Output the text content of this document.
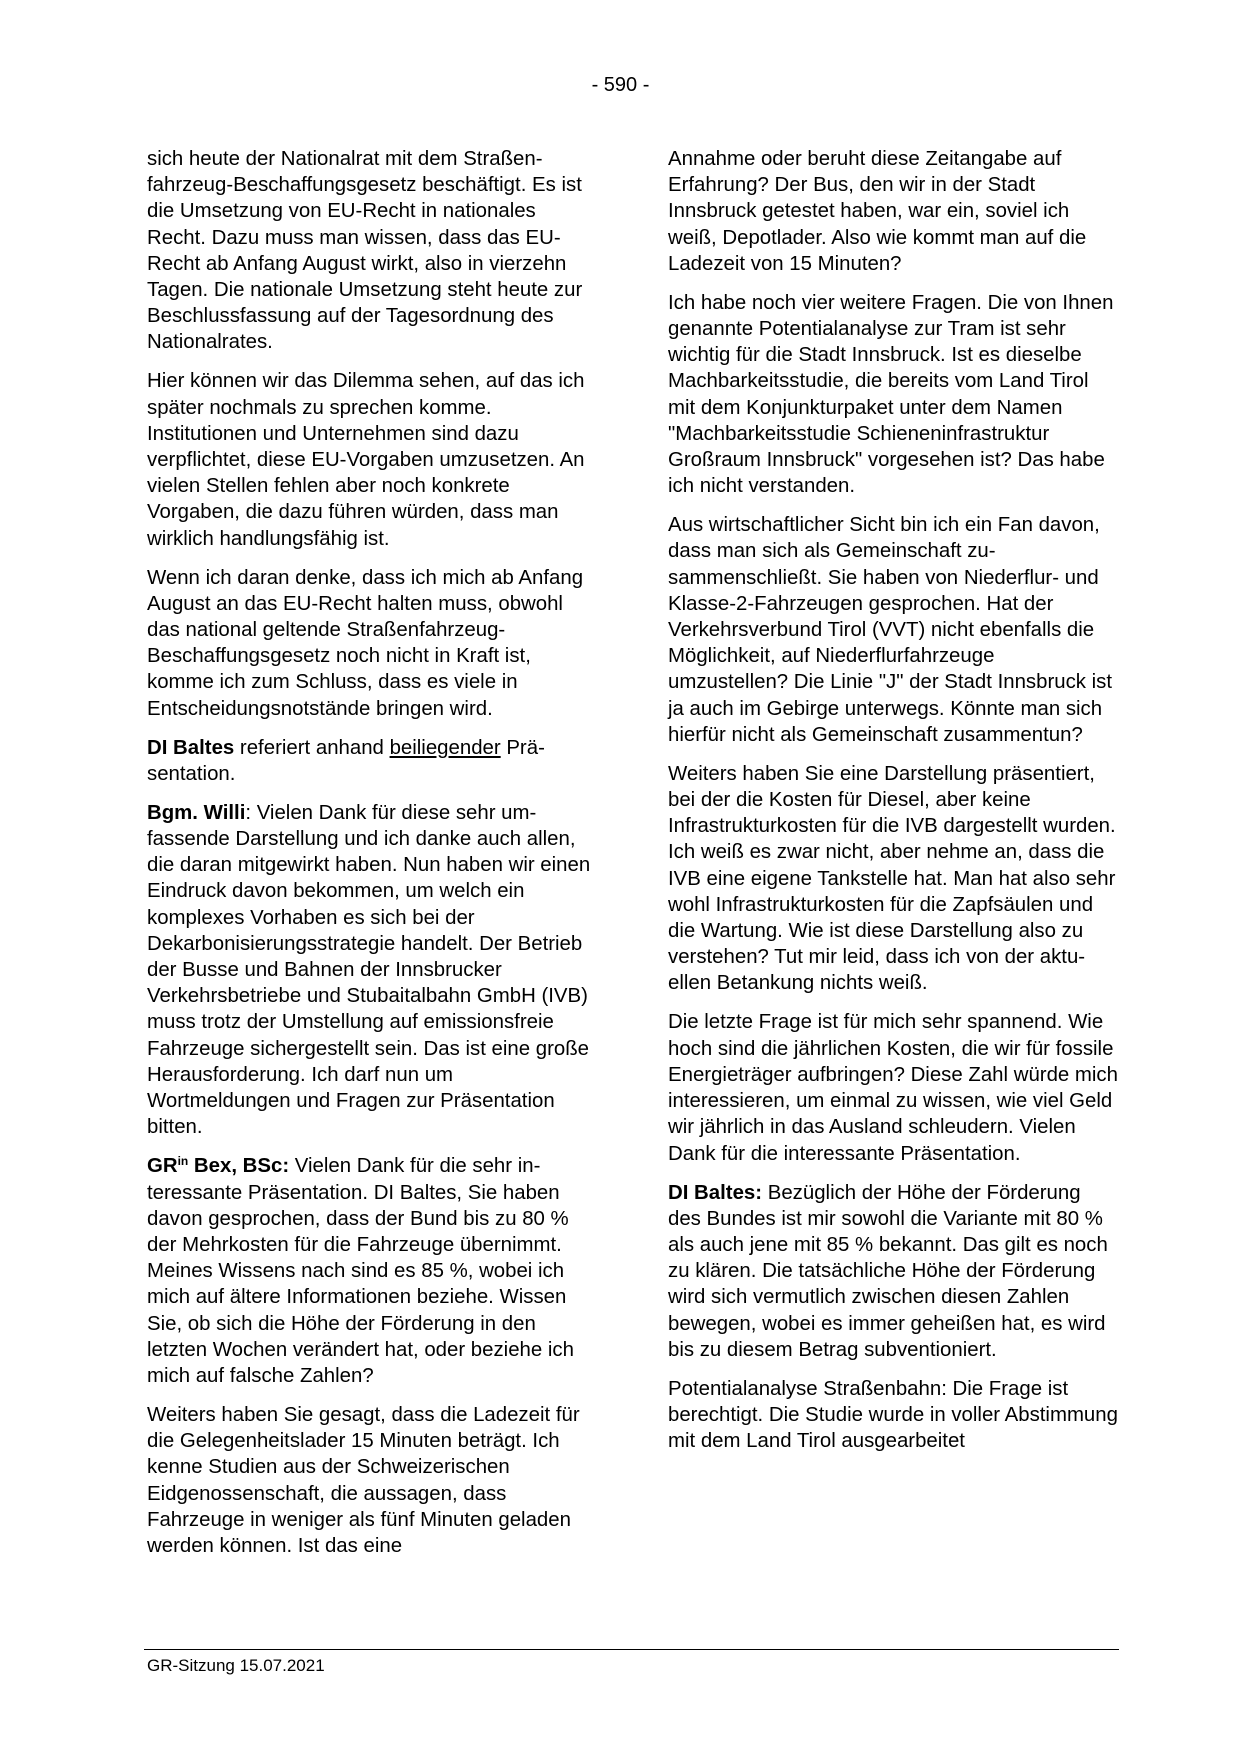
- 590 -

sich heute der Nationalrat mit dem Straßenfahrzeug-Beschaffungsgesetz beschäftigt. Es ist die Umsetzung von EU-Recht in nationales Recht. Dazu muss man wissen, dass das EU-Recht ab Anfang August wirkt, also in vierzehn Tagen. Die nationale Umsetzung steht heute zur Beschlussfassung auf der Tagesordnung des Nationalrates.

Hier können wir das Dilemma sehen, auf das ich später nochmals zu sprechen komme. Institutionen und Unternehmen sind dazu verpflichtet, diese EU-Vorgaben umzusetzen. An vielen Stellen fehlen aber noch konkrete Vorgaben, die dazu führen würden, dass man wirklich handlungsfähig ist.

Wenn ich daran denke, dass ich mich ab Anfang August an das EU-Recht halten muss, obwohl das national geltende Straßenfahrzeug-Beschaffungsgesetz noch nicht in Kraft ist, komme ich zum Schluss, dass es viele in Entscheidungsnotstände bringen wird.

DI Baltes referiert anhand beiliegender Präsentation.

Bgm. Willi: Vielen Dank für diese sehr umfassende Darstellung und ich danke auch allen, die daran mitgewirkt haben. Nun haben wir einen Eindruck davon bekommen, um welch ein komplexes Vorhaben es sich bei der Dekarbonisierungsstrategie handelt. Der Betrieb der Busse und Bahnen der Innsbrucker Verkehrsbetriebe und Stubaitalbahn GmbH (IVB) muss trotz der Umstellung auf emissionsfreie Fahrzeuge sichergestellt sein. Das ist eine große Herausforderung. Ich darf nun um Wortmeldungen und Fragen zur Präsentation bitten.

$GR^{in}$ Bex, BSc: Vielen Dank für die sehr interessante Präsentation. DI Baltes, Sie haben davon gesprochen, dass der Bund bis zu 80 % der Mehrkosten für die Fahrzeuge übernimmt. Meines Wissens nach sind es 85 %, wobei ich mich auf ältere Informationen beziehe. Wissen Sie, ob sich die Höhe der Förderung in den letzten Wochen verändert hat, oder beziehe ich mich auf falsche Zahlen?

Weiters haben Sie gesagt, dass die Ladezeit für die Gelegenheitslader 15 Minuten beträgt. Ich kenne Studien aus der Schweizerischen Eidgenossenschaft, die aussagen, dass Fahrzeuge in weniger als fünf Minuten geladen werden können. Ist das eine

Annahme oder beruht diese Zeitangabe auf Erfahrung? Der Bus, den wir in der Stadt Innsbruck getestet haben, war ein, soviel ich weiß, Depotlader. Also wie kommt man auf die Ladezeit von 15 Minuten?

Ich habe noch vier weitere Fragen. Die von Ihnen genannte Potentialanalyse zur Tram ist sehr wichtig für die Stadt Innsbruck. Ist es dieselbe Machbarkeitsstudie, die bereits vom Land Tirol mit dem Konjunkturpaket unter dem Namen "Machbarkeitsstudie Schieneninfrastruktur Großraum Innsbruck" vorgesehen ist? Das habe ich nicht verstanden.

Aus wirtschaftlicher Sicht bin ich ein Fan davon, dass man sich als Gemeinschaft zusammenschließt. Sie haben von Niederflur- und Klasse-2-Fahrzeugen gesprochen. Hat der Verkehrsverbund Tirol (VVT) nicht ebenfalls die Möglichkeit, auf Niederflurfahrzeuge umzustellen? Die Linie "J" der Stadt Innsbruck ist ja auch im Gebirge unterwegs. Könnte man sich hierfür nicht als Gemeinschaft zusammentun?

Weiters haben Sie eine Darstellung präsentiert, bei der die Kosten für Diesel, aber keine Infrastrukturkosten für die IVB dargestellt wurden. Ich weiß es zwar nicht, aber nehme an, dass die IVB eine eigene Tankstelle hat. Man hat also sehr wohl Infrastrukturkosten für die Zapfsäulen und die Wartung. Wie ist diese Darstellung also zu verstehen? Tut mir leid, dass ich von der aktuellen Betankung nichts weiß.

Die letzte Frage ist für mich sehr spannend. Wie hoch sind die jährlichen Kosten, die wir für fossile Energieträger aufbringen? Diese Zahl würde mich interessieren, um einmal zu wissen, wie viel Geld wir jährlich in das Ausland schleudern. Vielen Dank für die interessante Präsentation.

DI Baltes: Bezüglich der Höhe der Förderung des Bundes ist mir sowohl die Variante mit 80 % als auch jene mit 85 % bekannt. Das gilt es noch zu klären. Die tatsächliche Höhe der Förderung wird sich vermutlich zwischen diesen Zahlen bewegen, wobei es immer geheißen hat, es wird bis zu diesem Betrag subventioniert.

Potentialanalyse Straßenbahn: Die Frage ist berechtigt. Die Studie wurde in voller Abstimmung mit dem Land Tirol ausgearbeitet

GR-Sitzung 15.07.2021
